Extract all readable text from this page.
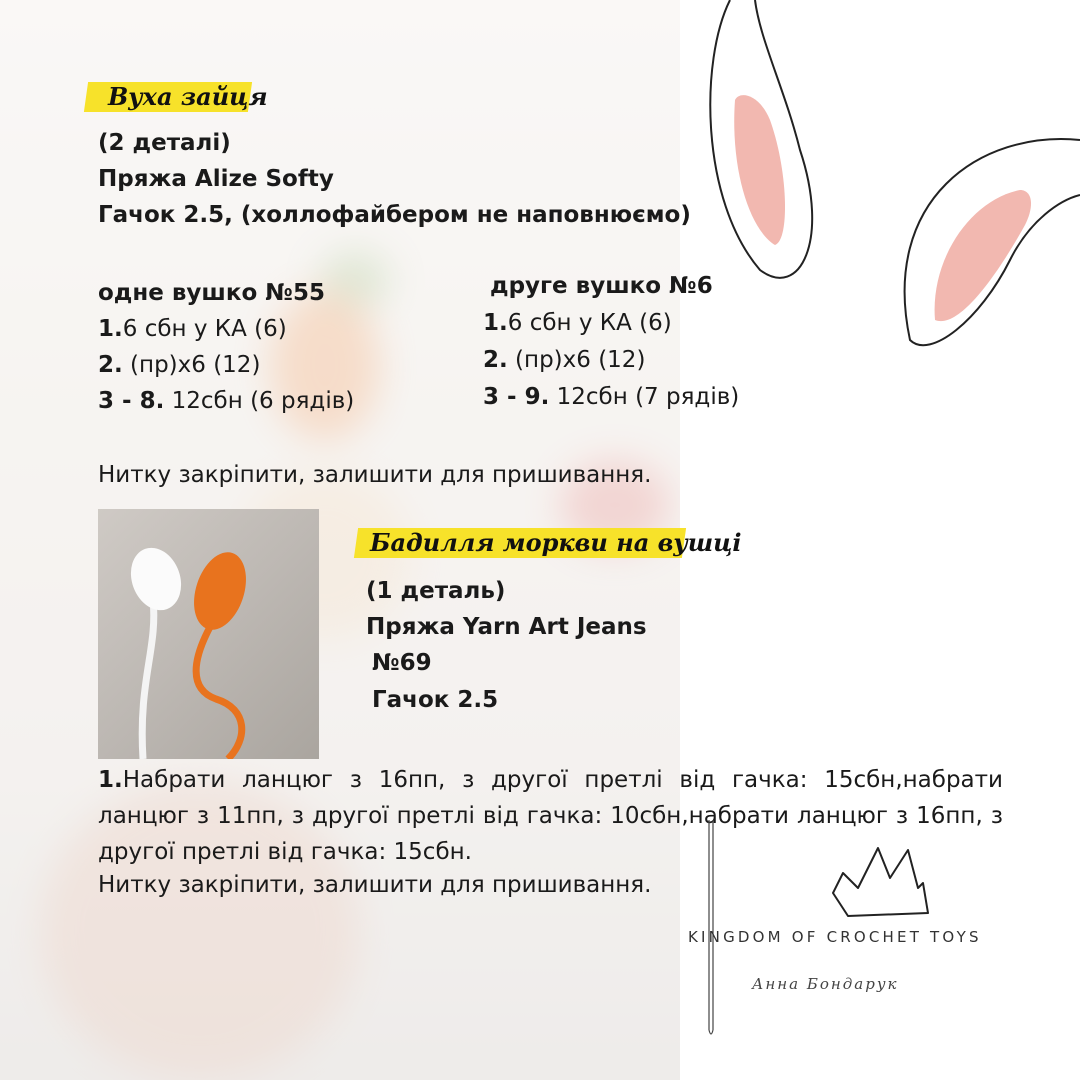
Вуха зайця
(2 деталі)
Пряжа Alize Softy
Гачок 2.5, (холлофайбером не наповнюємо)
одне вушко №55
1.6 сбн у КА (6)
2. (пр)х6 (12)
3 - 8. 12сбн (6 рядів)
друге вушко №6
1.6 сбн у КА (6)
2. (пр)х6 (12)
3 - 9. 12сбн (7 рядів)
Нитку закріпити, залишити для пришивання.
Бадилля моркви на вушці
(1 деталь)
Пряжа Yarn Art Jeans
№69
Гачок 2.5
1.Набрати ланцюг з 16пп, з другої претлі від гачка: 15сбн,набрати ланцюг з 11пп, з другої претлі від гачка: 10сбн,набрати ланцюг з 16пп, з другої претлі від гачка: 15сбн.
Нитку закріпити, залишити для пришивання.
KINGDOM OF CROCHET TOYS
Анна Бондарук
